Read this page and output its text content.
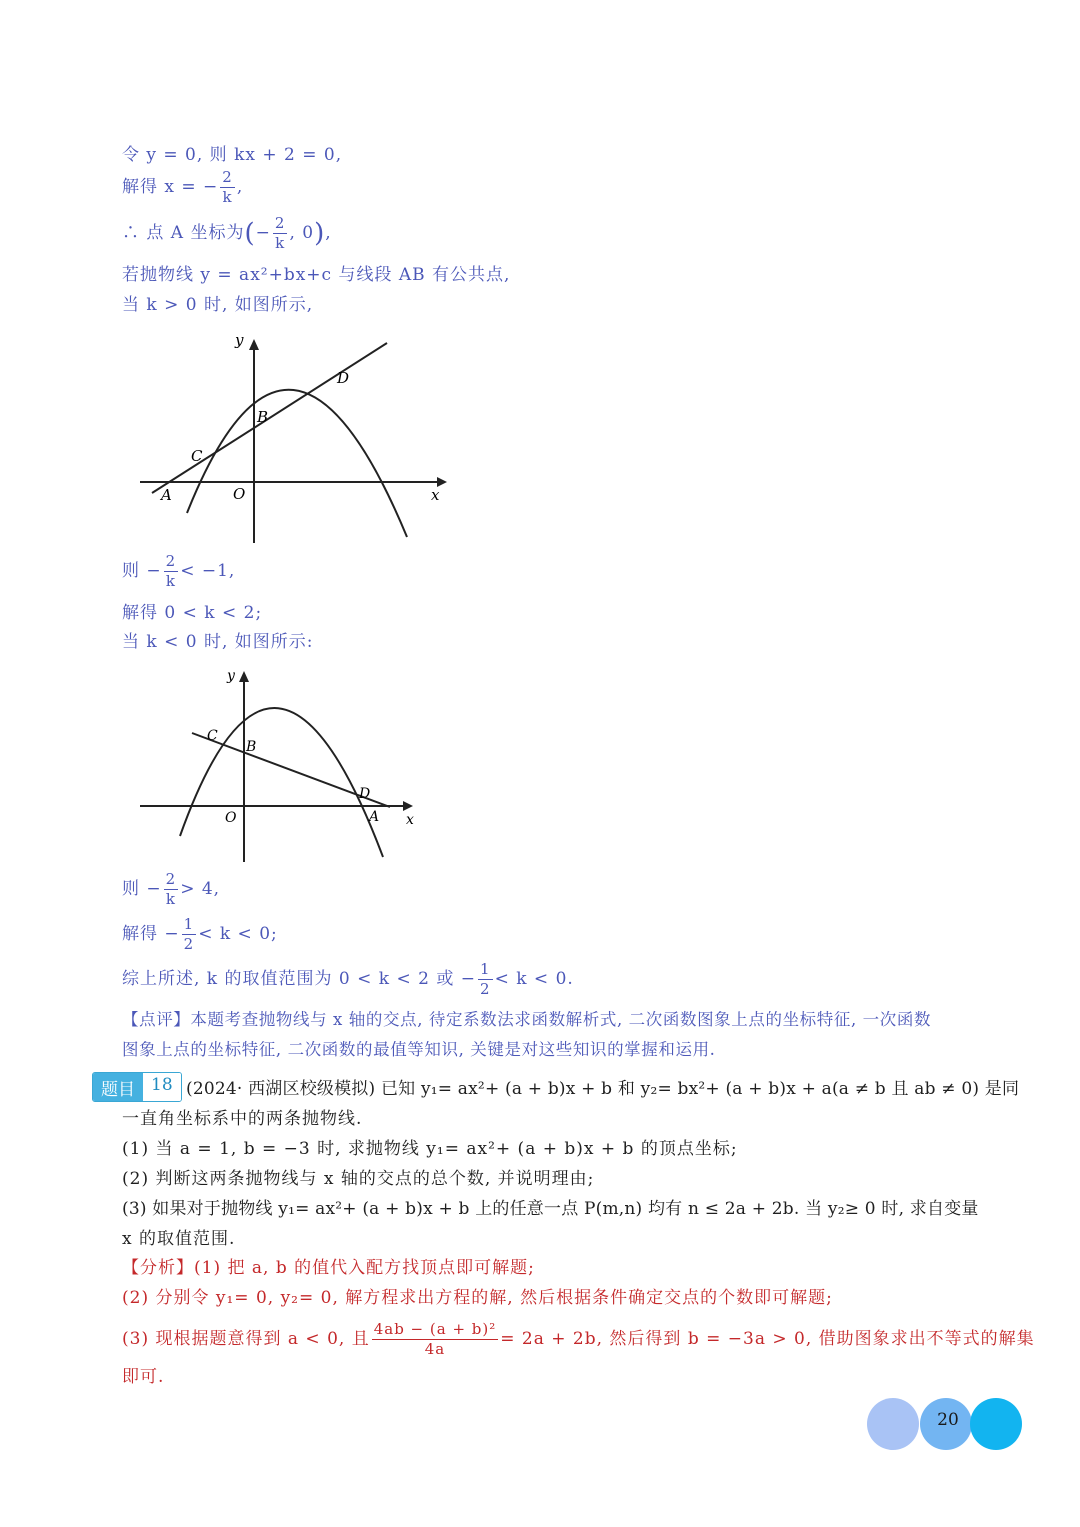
令 y = 0, 则 kx + 2 = 0,
解得 x = − $\frac{2}{k}$ ,
∴ 点 A 坐标为(− $\frac{2}{k}$ , 0),
若抛物线 y = ax²+bx+c 与线段 AB 有公共点,
当 k > 0 时, 如图所示,
y
x
O
A
B
C
D
则 − $\frac{2}{k} < -1$,
解得 0 < k < 2;
当 k < 0 时, 如图所示:
y
x
O	A
B
C
D
则 − $\frac{2}{k} > 4$,
解得 − $\frac{1}{2} < k < 0$;
综上所述, k 的取值范围为 0 < k < 2 或 − $\frac{1}{2} < k < 0$.
【点评】本题考查抛物线与 x 轴的交点, 待定系数法求函数解析式, 二次函数图象上点的坐标特征, 一次函数
图象上点的坐标特征, 二次函数的最值等知识, 关键是对这些知识的掌握和运用.
题目 18 (2024· 西湖区校级模拟) 已知 y₁= ax²+ (a + b)x + b 和 y₂= bx²+ (a + b)x + a(a ≠ b 且 ab ≠ 0) 是同
一直角坐标系中的两条抛物线.
(1) 当 a = 1, b = −3 时, 求抛物线 y₁= ax²+ (a + b)x + b 的顶点坐标;
(2) 判断这两条抛物线与 x 轴的交点的总个数, 并说明理由;
(3) 如果对于抛物线 y₁= ax²+ (a + b)x + b 上的任意一点 P(m,n) 均有 n ≤ 2a + 2b. 当 y₂≥ 0 时, 求自变量
x 的取值范围.
【分析】(1) 把 a, b 的值代入配方找顶点即可解题;
(2) 分别令 y₁= 0, y₂= 0, 解方程求出方程的解, 然后根据条件确定交点的个数即可解题;
(3) 现根据题意得到 a < 0, 且 $\frac{\text{4ab − (a + b)²}}{4a} = 2a + 2b$, 然后得到 b = −3a > 0, 借助图象求出不等式的解集
即可.
20
